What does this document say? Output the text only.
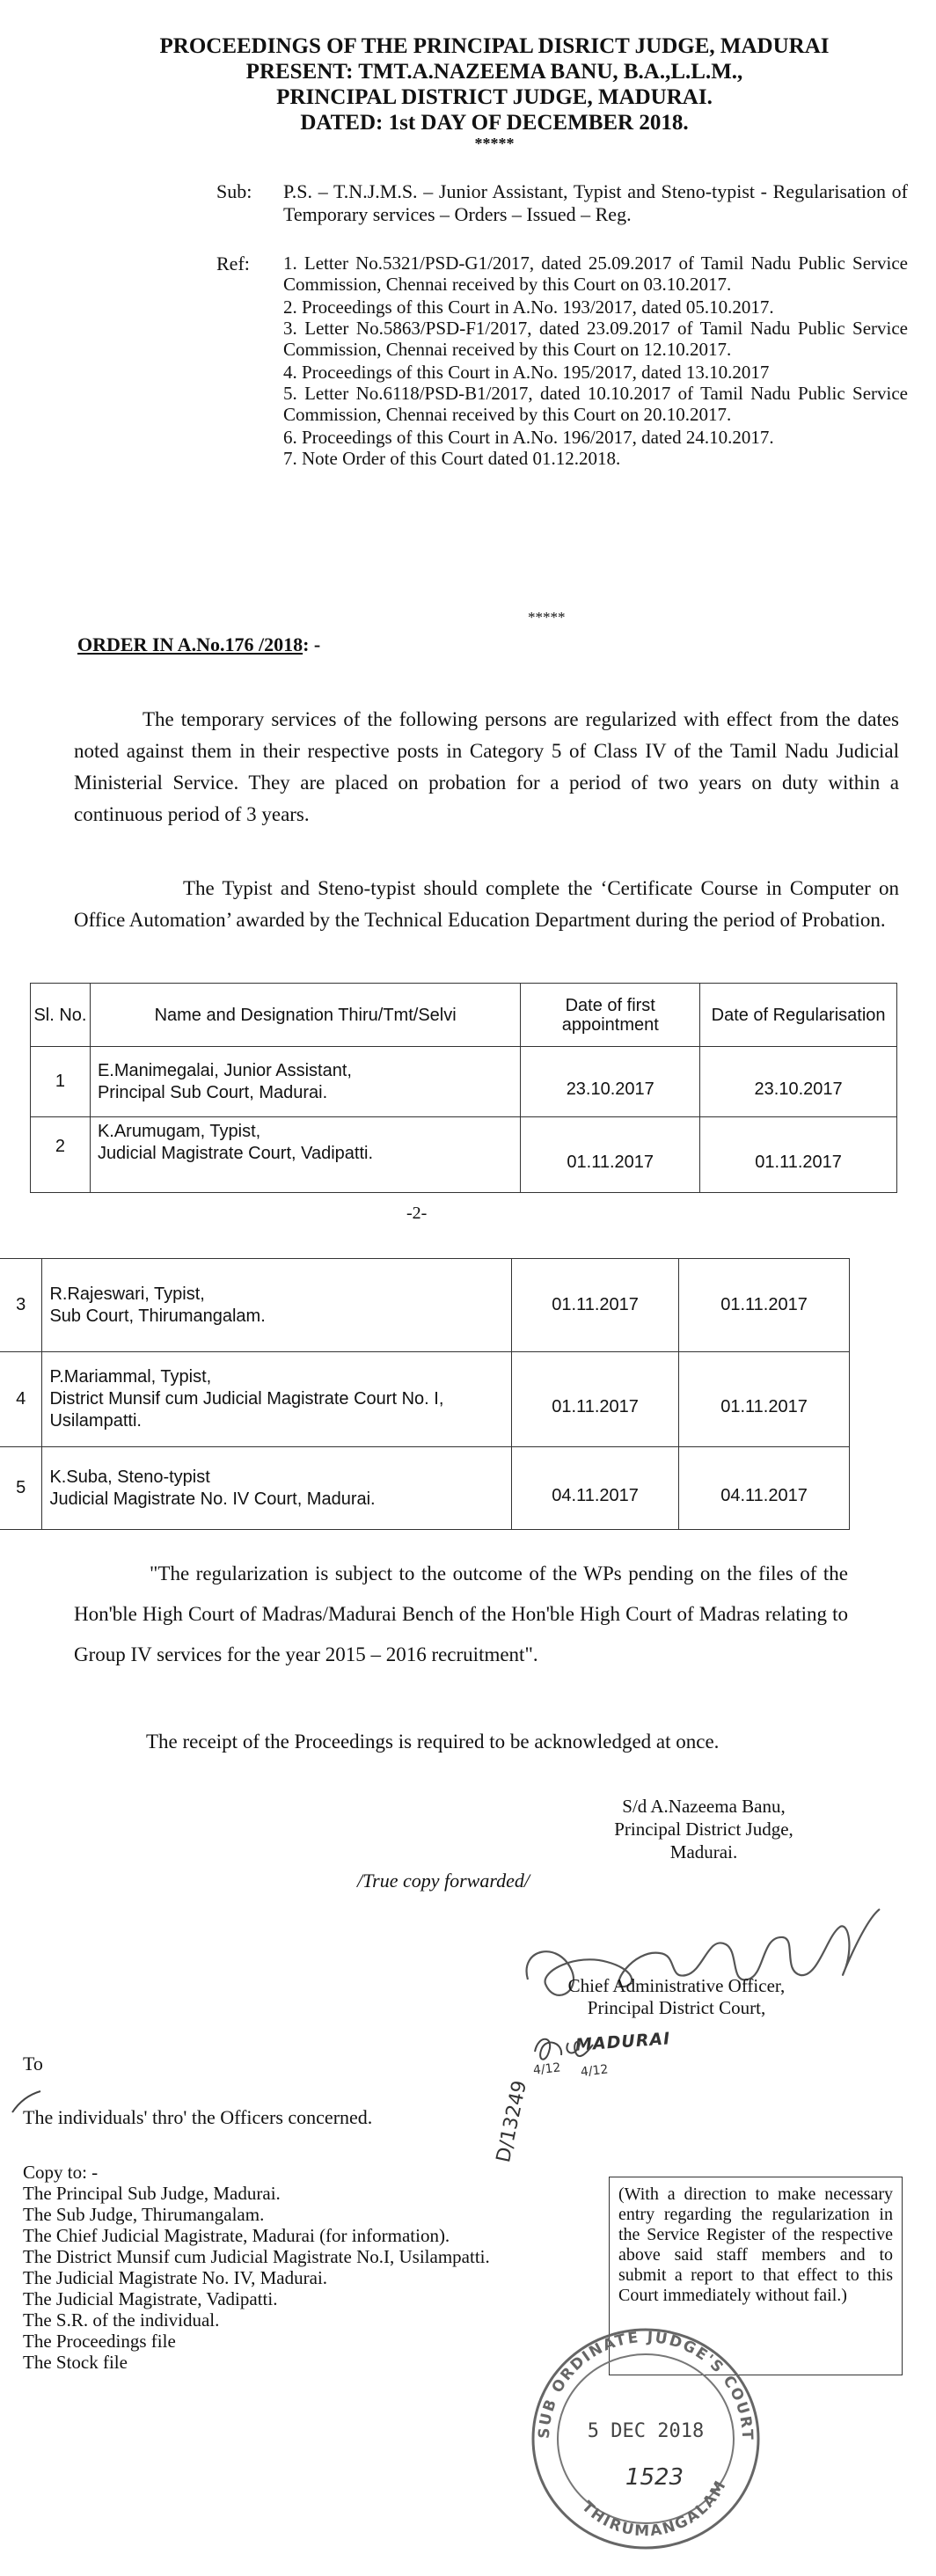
PROCEEDINGS OF THE PRINCIPAL DISRICT JUDGE, MADURAI
PRESENT: TMT.A.NAZEEMA BANU, B.A.,L.L.M.,
PRINCIPAL DISTRICT JUDGE, MADURAI.
DATED: 1st DAY OF DECEMBER 2018.
*****
Sub: P.S. – T.N.J.M.S. – Junior Assistant, Typist and Steno-typist - Regularisation of Temporary services – Orders – Issued – Reg.
Ref: 1. Letter No.5321/PSD-G1/2017, dated 25.09.2017 of Tamil Nadu Public Service Commission, Chennai received by this Court on 03.10.2017.
2. Proceedings of this Court in A.No. 193/2017, dated 05.10.2017.
3. Letter No.5863/PSD-F1/2017, dated 23.09.2017 of Tamil Nadu Public Service Commission, Chennai received by this Court on 12.10.2017.
4. Proceedings of this Court in A.No. 195/2017, dated 13.10.2017
5. Letter No.6118/PSD-B1/2017, dated 10.10.2017 of Tamil Nadu Public Service Commission, Chennai received by this Court on 20.10.2017.
6. Proceedings of this Court in A.No. 196/2017, dated 24.10.2017.
7. Note Order of this Court dated 01.12.2018.
*****
ORDER IN A.No.176 /2018: -
The temporary services of the following persons are regularized with effect from the dates noted against them in their respective posts in Category 5 of Class IV of the Tamil Nadu Judicial Ministerial Service. They are placed on probation for a period of two years on duty within a continuous period of 3 years.
The Typist and Steno-typist should complete the ‘Certificate Course in Computer on Office Automation’ awarded by the Technical Education Department during the period of Probation.
Sl. No.	Name and Designation Thiru/Tmt/Selvi	Date of first appointment	Date of Regularisation
1	E.Manimegalai, Junior Assistant,
Principal Sub Court, Madurai.	23.10.2017	23.10.2017
2	K.Arumugam, Typist,
Judicial Magistrate Court, Vadipatti.	01.11.2017	01.11.2017
-2-
3	R.Rajeswari, Typist,
Sub Court, Thirumangalam.	01.11.2017	01.11.2017
4	P.Mariammal, Typist,
District Munsif cum Judicial Magistrate Court No. I, Usilampatti.	01.11.2017	01.11.2017
5	K.Suba, Steno-typist
Judicial Magistrate No. IV Court, Madurai.	04.11.2017	04.11.2017
"The regularization is subject to the outcome of the WPs pending on the files of the Hon'ble High Court of Madras/Madurai Bench of the Hon'ble High Court of Madras relating to Group IV services for the year 2015 – 2016 recruitment".
The receipt of the Proceedings is required to be acknowledged at once.
S/d A.Nazeema Banu,
Principal District Judge,
Madurai.
/True copy forwarded/
Chief Administrative Officer,
Principal District Court,
MADURAI
4/12 4/12
To
The individuals' thro' the Officers concerned.
Copy to: -
The Principal Sub Judge, Madurai.
The Sub Judge, Thirumangalam.
The Chief Judicial Magistrate, Madurai (for information).
The District Munsif cum Judicial Magistrate No.I, Usilampatti.
The Judicial Magistrate No. IV, Madurai.
The Judicial Magistrate, Vadipatti.
The S.R. of the individual.
The Proceedings file
The Stock file
D/13249
(With a direction to make necessary entry regarding the regularization in the Service Register of the respective above said staff members and to submit a report to that effect to this Court immediately without fail.)
SUB ORDINATE JUDGE'S COURT
THIRUMANGALAM
5 DEC 2018
1523
